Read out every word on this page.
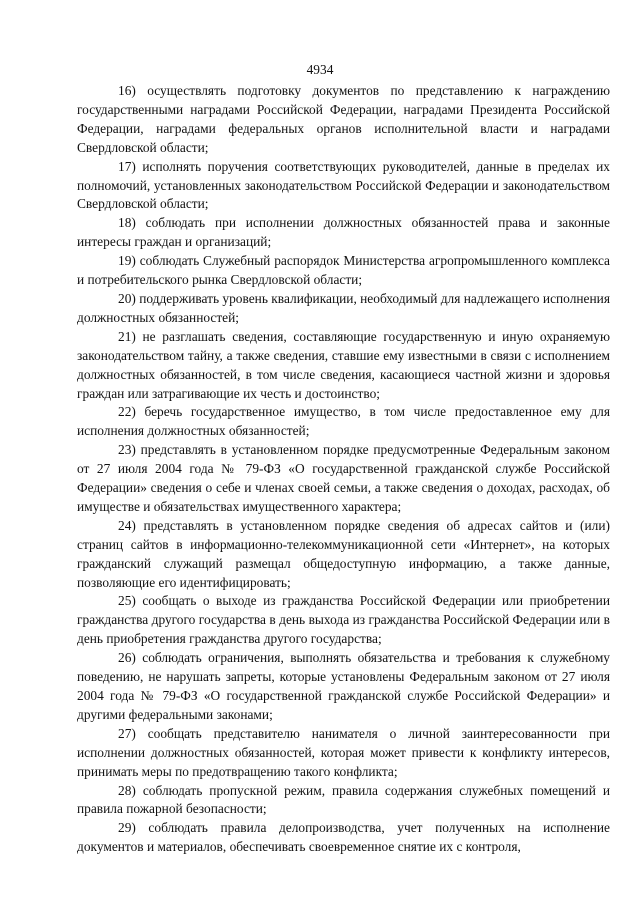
4934

16) осуществлять подготовку документов по представлению к награждению государственными наградами Российской Федерации, наградами Президента Российской Федерации, наградами федеральных органов исполнительной власти и наградами Свердловской области;

17) исполнять поручения соответствующих руководителей, данные в пределах их полномочий, установленных законодательством Российской Федерации и законодательством Свердловской области;

18) соблюдать при исполнении должностных обязанностей права и законные интересы граждан и организаций;

19) соблюдать Служебный распорядок Министерства агропромышленного комплекса и потребительского рынка Свердловской области;

20) поддерживать уровень квалификации, необходимый для надлежащего исполнения должностных обязанностей;

21) не разглашать сведения, составляющие государственную и иную охраняемую законодательством тайну, а также сведения, ставшие ему известными в связи с исполнением должностных обязанностей, в том числе сведения, касающиеся частной жизни и здоровья граждан или затрагивающие их честь и достоинство;

22) беречь государственное имущество, в том числе предоставленное ему для исполнения должностных обязанностей;

23) представлять в установленном порядке предусмотренные Федеральным законом от 27 июля 2004 года № 79-ФЗ «О государственной гражданской службе Российской Федерации» сведения о себе и членах своей семьи, а также сведения о доходах, расходах, об имуществе и обязательствах имущественного характера;

24) представлять в установленном порядке сведения об адресах сайтов и (или) страниц сайтов в информационно-телекоммуникационной сети «Интернет», на которых гражданский служащий размещал общедоступную информацию, а также данные, позволяющие его идентифицировать;

25) сообщать о выходе из гражданства Российской Федерации или приобретении гражданства другого государства в день выхода из гражданства Российской Федерации или в день приобретения гражданства другого государства;

26) соблюдать ограничения, выполнять обязательства и требования к служебному поведению, не нарушать запреты, которые установлены Федеральным законом от 27 июля 2004 года № 79-ФЗ «О государственной гражданской службе Российской Федерации» и другими федеральными законами;

27) сообщать представителю нанимателя о личной заинтересованности при исполнении должностных обязанностей, которая может привести к конфликту интересов, принимать меры по предотвращению такого конфликта;

28) соблюдать пропускной режим, правила содержания служебных помещений и правила пожарной безопасности;

29) соблюдать правила делопроизводства, учет полученных на исполнение документов и материалов, обеспечивать своевременное снятие их с контроля,
